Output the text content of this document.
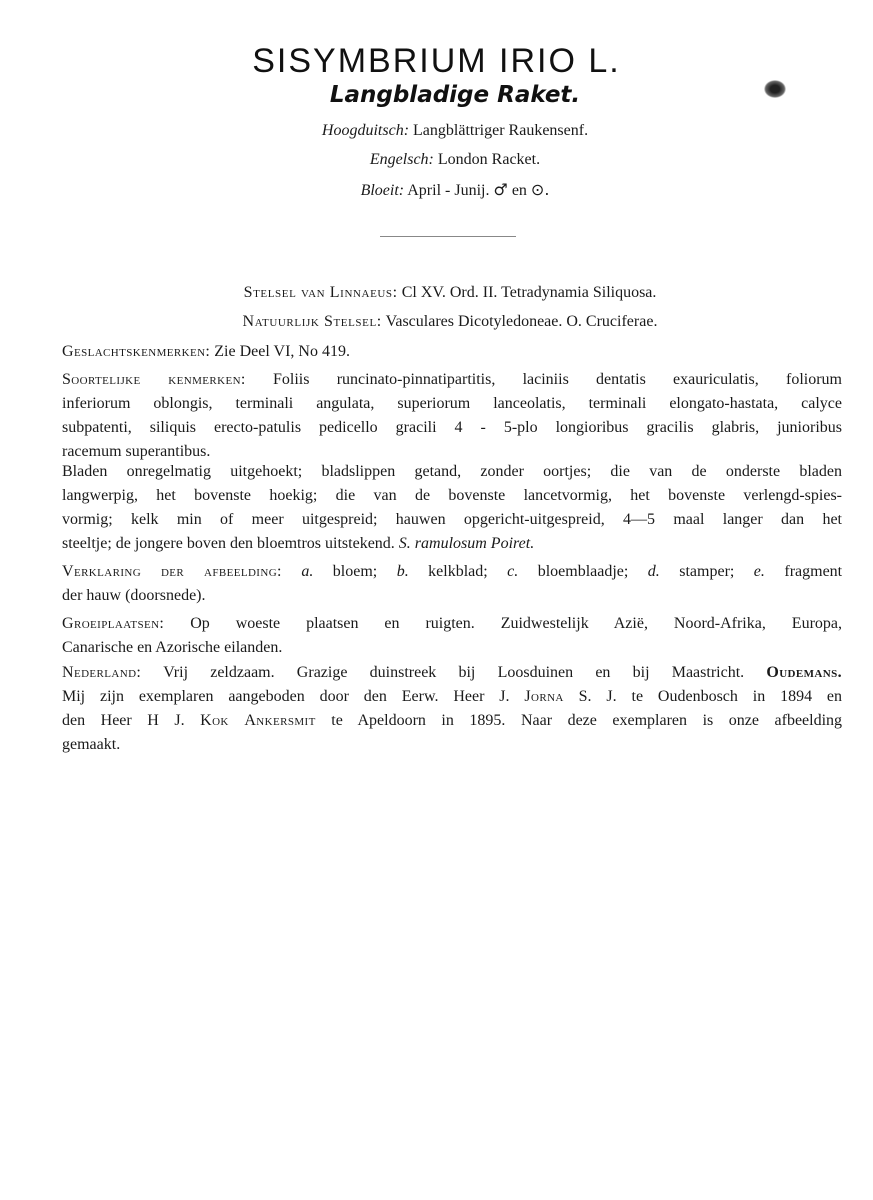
SISYMBRIUM IRIO L.
Langbladige Raket.
Hoogduitsch: Langblättriger Raukensenf.
Engelsch: London Racket.
Bloeit: April - Junij. ♂ en ⊙.
Stelsel van Linnaeus: Cl XV. Ord. II. Tetradynamia Siliquosa.
Natuurlijk Stelsel: Vasculares Dicotyledoneae. O. Cruciferae.
Geslachtskenmerken: Zie Deel VI, No 419.
Soortelijke kenmerken: Foliis runcinato-pinnatipartitis, laciniis dentatis exauriculatis, foliorum
inferiorum oblongis, terminali angulata, superiorum lanceolatis, terminali elongato-hastata, calyce
subpatenti, siliquis erecto-patulis pedicello gracili 4 - 5-plo longioribus gracilis glabris, junioribus
racemum superantibus.
Bladen onregelmatig uitgehoekt; bladslippen getand, zonder oortjes; die van de onderste bladen
langwerpig, het bovenste hoekig; die van de bovenste lancetvormig, het bovenste verlengd-spies-
vormig; kelk min of meer uitgespreid; hauwen opgericht-uitgespreid, 4—5 maal langer dan het
steeltje; de jongere boven den bloemtros uitstekend. S. ramulosum Poiret.
Verklaring der afbeelding: a. bloem; b. kelkblad; c. bloemblaadje; d. stamper; e. fragment
der hauw (doorsnede).
Groeiplaatsen: Op woeste plaatsen en ruigten. Zuidwestelijk Azië, Noord-Afrika, Europa,
Canarische en Azorische eilanden.
Nederland: Vrij zeldzaam. Grazige duinstreek bij Loosduinen en bij Maastricht. Oudemans.
Mij zijn exemplaren aangeboden door den Eerw. Heer J. Jorna S. J. te Oudenbosch in 1894 en
den Heer H J. Kok Ankersmit te Apeldoorn in 1895. Naar deze exemplaren is onze afbeelding
gemaakt.
